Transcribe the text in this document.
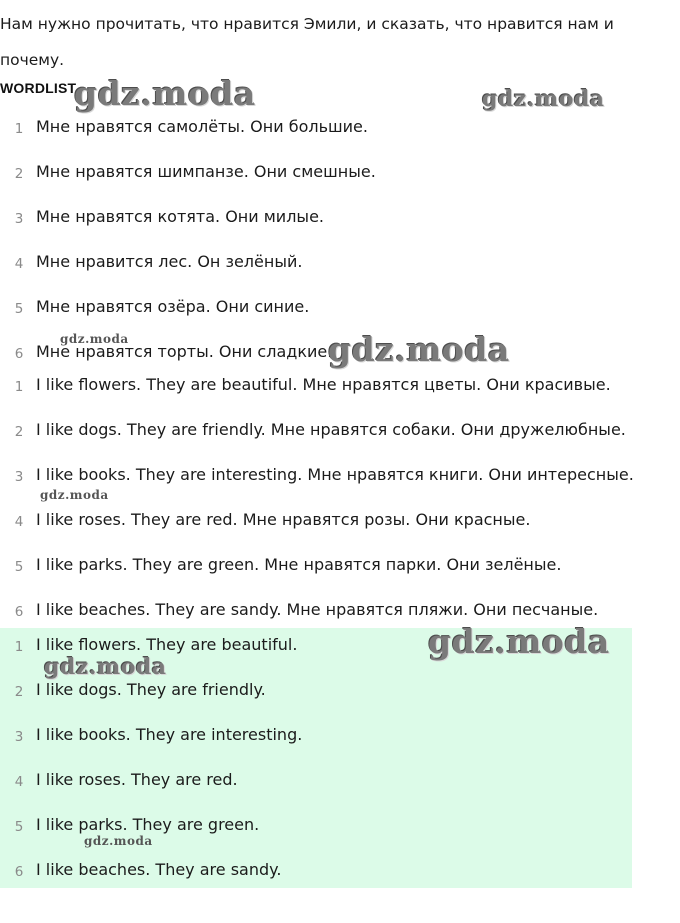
Нам нужно прочитать, что нравится Эмили, и сказать, что нравится нам и почему.
WORDLIST
1 Мне нравятся самолёты. Они большие.
2 Мне нравятся шимпанзе. Они смешные.
3 Мне нравятся котята. Они милые.
4 Мне нравится лес. Он зелёный.
5 Мне нравятся озёра. Они синие.
6 Мне нравятся торты. Они сладкие.
1 I like flowers. They are beautiful. Мне нравятся цветы. Они красивые.
2 I like dogs. They are friendly. Мне нравятся собаки. Они дружелюбные.
3 I like books. They are interesting. Мне нравятся книги. Они интересные.
4 I like roses. They are red. Мне нравятся розы. Они красные.
5 I like parks. They are green. Мне нравятся парки. Они зелёные.
6 I like beaches. They are sandy. Мне нравятся пляжи. Они песчаные.
1 I like flowers. They are beautiful.
2 I like dogs. They are friendly.
3 I like books. They are interesting.
4 I like roses. They are red.
5 I like parks. They are green.
6 I like beaches. They are sandy.
gdz.moda	gdz.moda
gdz.moda	gdz.moda
gdz.moda
gdz.moda
gdz.moda
gdz.moda
